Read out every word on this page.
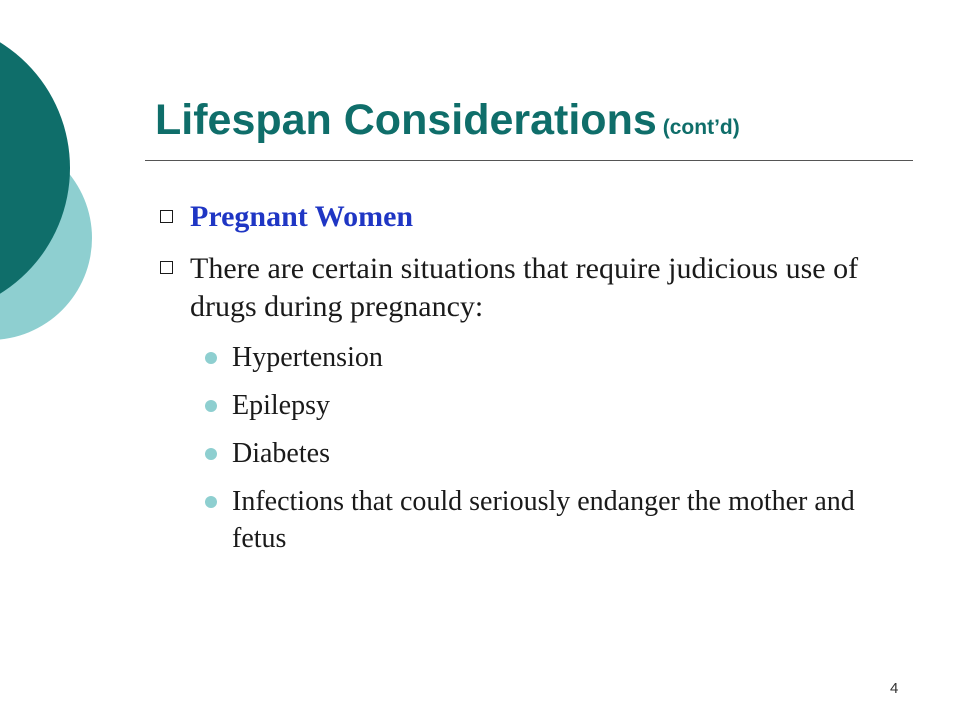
Lifespan Considerations (cont’d)

Pregnant Women

There are certain situations that require judicious use of drugs during pregnancy:

Hypertension

Epilepsy

Diabetes

Infections that could seriously endanger the mother and fetus

4
